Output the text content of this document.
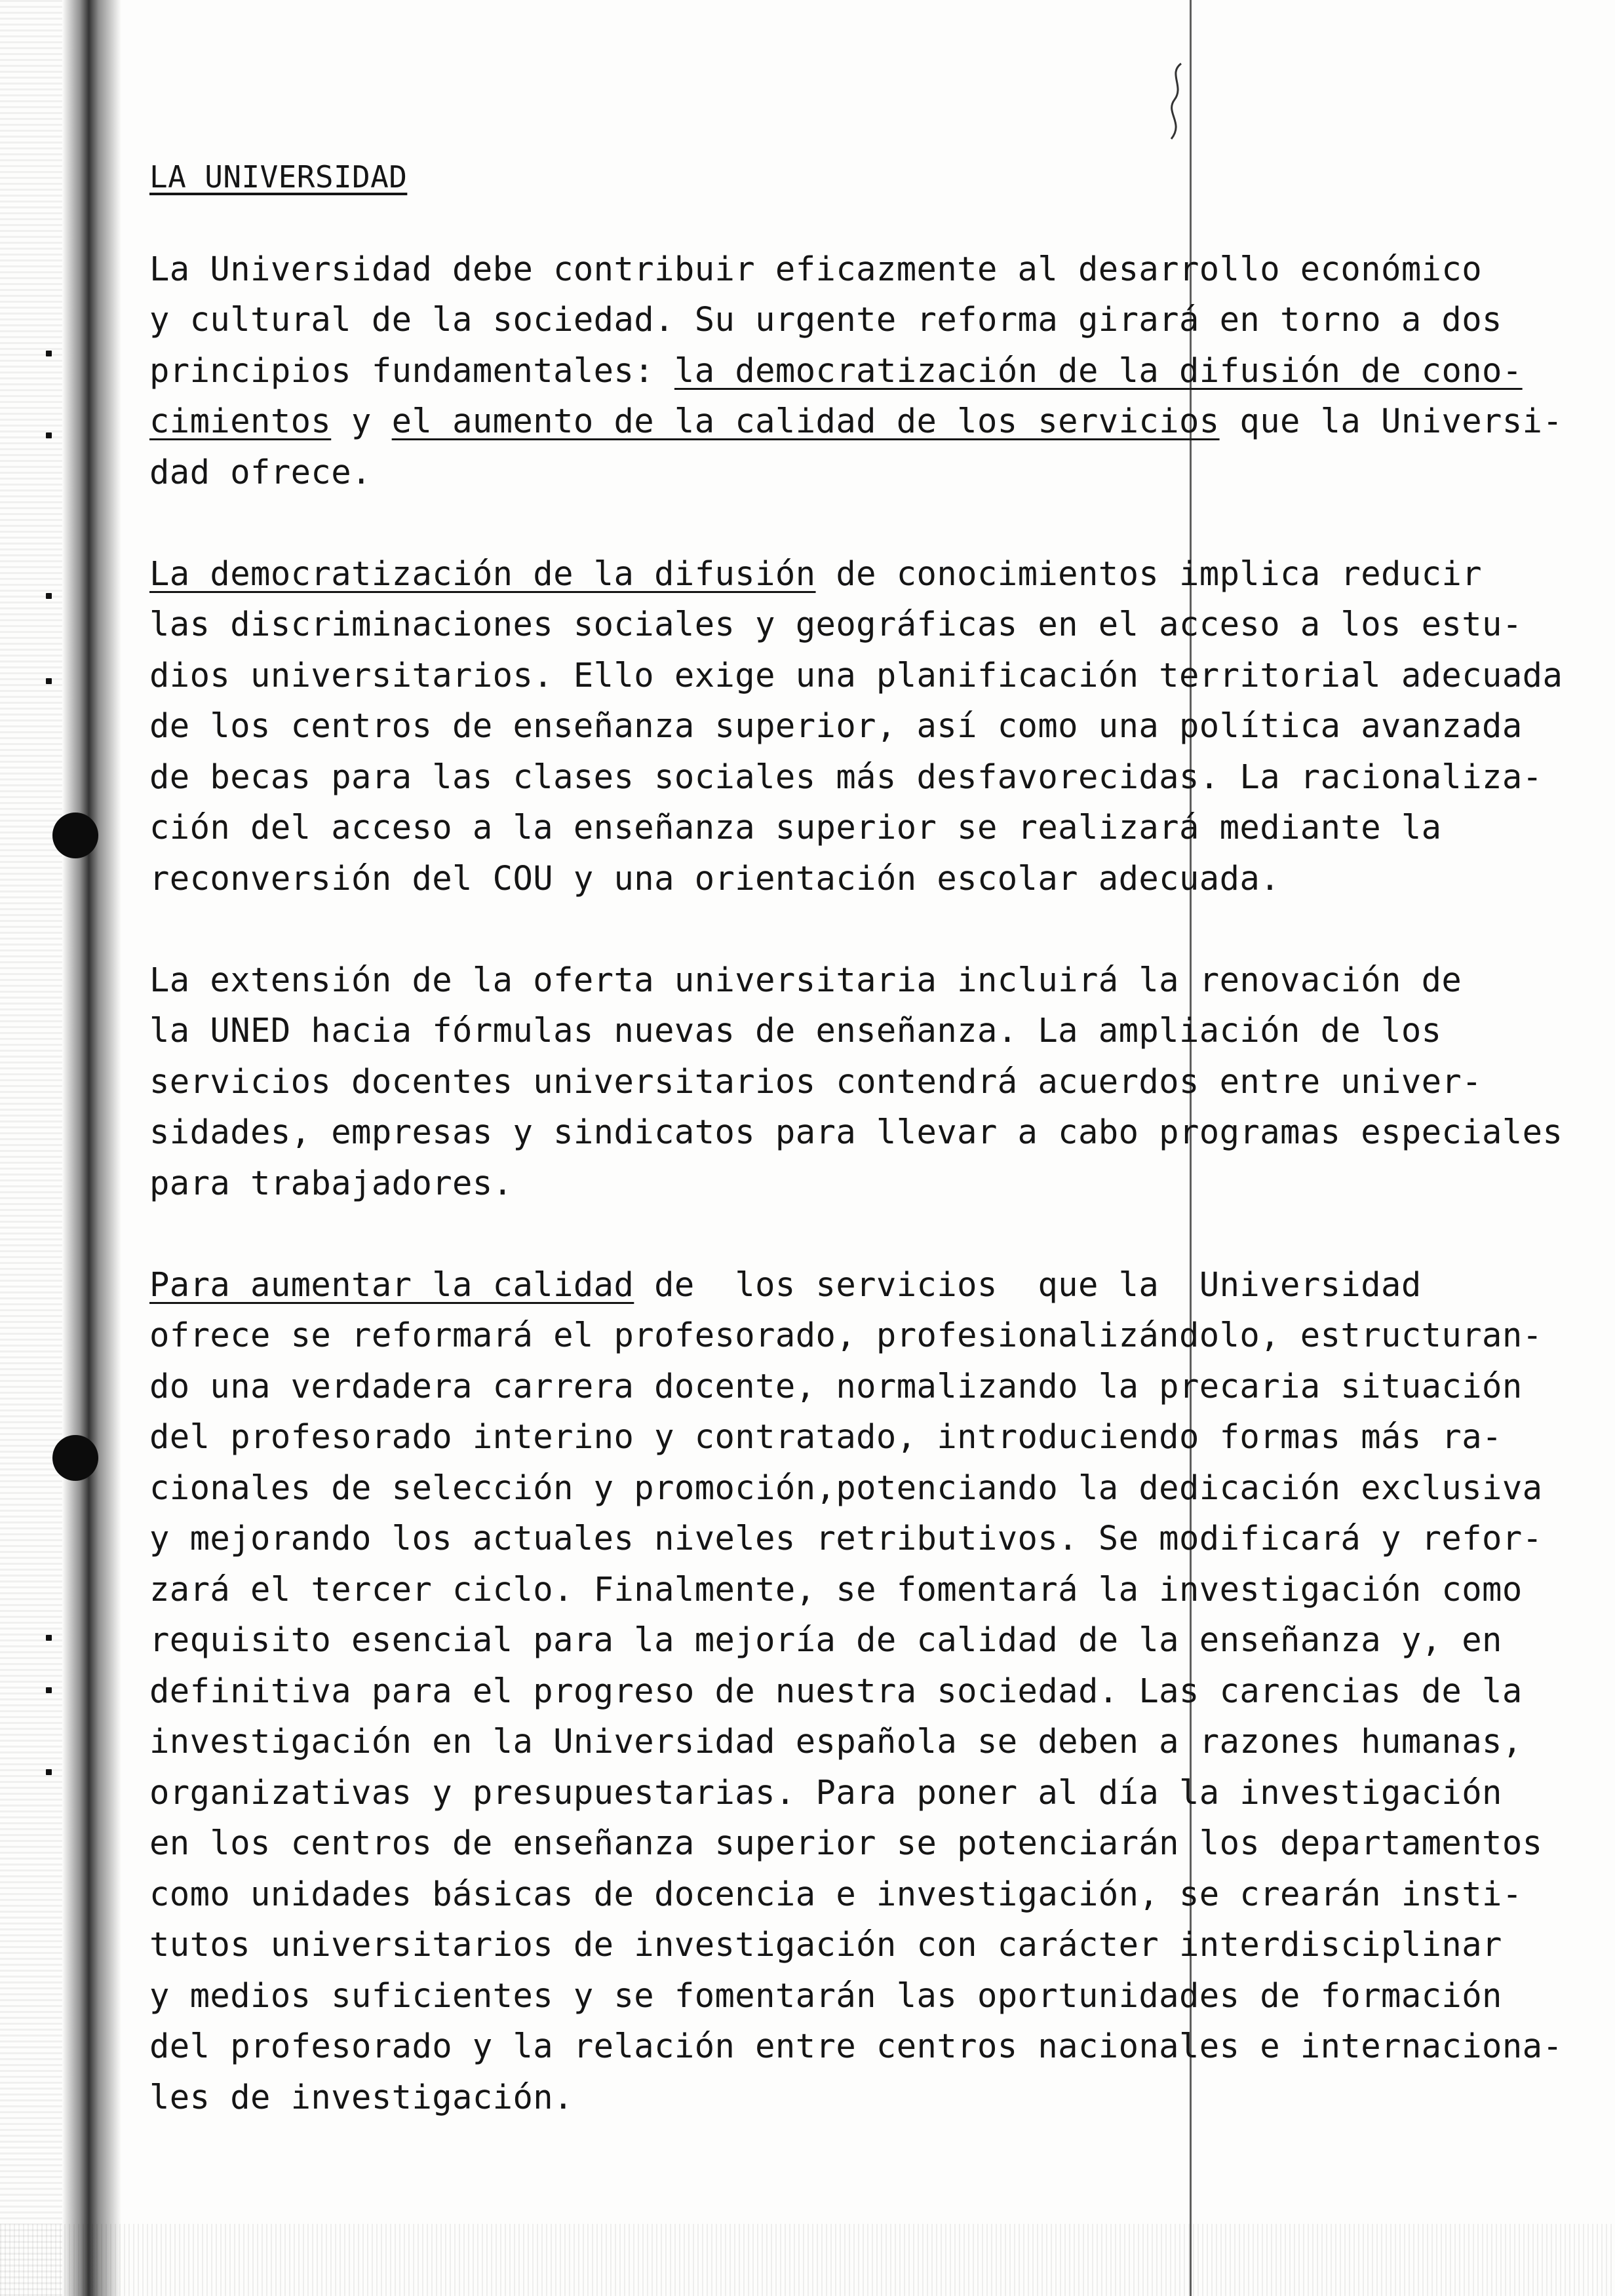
LA UNIVERSIDAD
La Universidad debe contribuir eficazmente al desarrollo económico
y cultural de la sociedad. Su urgente reforma girará en torno a dos
principios fundamentales: la democratización de la difusión de cono-
cimientos y el aumento de la calidad de los servicios que la Universi-
dad ofrece.
La democratización de la difusión de conocimientos implica reducir
las discriminaciones sociales y geográficas en el acceso a los estu-
dios universitarios. Ello exige una planificación territorial adecuada
de los centros de enseñanza superior, así como una política avanzada
de becas para las clases sociales más desfavorecidas. La racionaliza-
ción del acceso a la enseñanza superior se realizará mediante la
reconversión del COU y una orientación escolar adecuada.
La extensión de la oferta universitaria incluirá la renovación de
la UNED hacia fórmulas nuevas de enseñanza. La ampliación de los
servicios docentes universitarios contendrá acuerdos entre univer-
sidades, empresas y sindicatos para llevar a cabo programas especiales
para trabajadores.
Para aumentar la calidad de  los servicios  que la  Universidad
ofrece se reformará el profesorado, profesionalizándolo, estructuran-
do una verdadera carrera docente, normalizando la precaria situación
del profesorado interino y contratado, introduciendo formas más ra-
cionales de selección y promoción,potenciando la dedicación exclusiva
y mejorando los actuales niveles retributivos. Se modificará y refor-
zará el tercer ciclo. Finalmente, se fomentará la investigación como
requisito esencial para la mejoría de calidad de la enseñanza y, en
definitiva para el progreso de nuestra sociedad. Las carencias de la
investigación en la Universidad española se deben a razones humanas,
organizativas y presupuestarias. Para poner al día la investigación
en los centros de enseñanza superior se potenciarán los departamentos
como unidades básicas de docencia e investigación, se crearán insti-
tutos universitarios de investigación con carácter interdisciplinar
y medios suficientes y se fomentarán las oportunidades de formación
del profesorado y la relación entre centros nacionales e internaciona-
les de investigación.
